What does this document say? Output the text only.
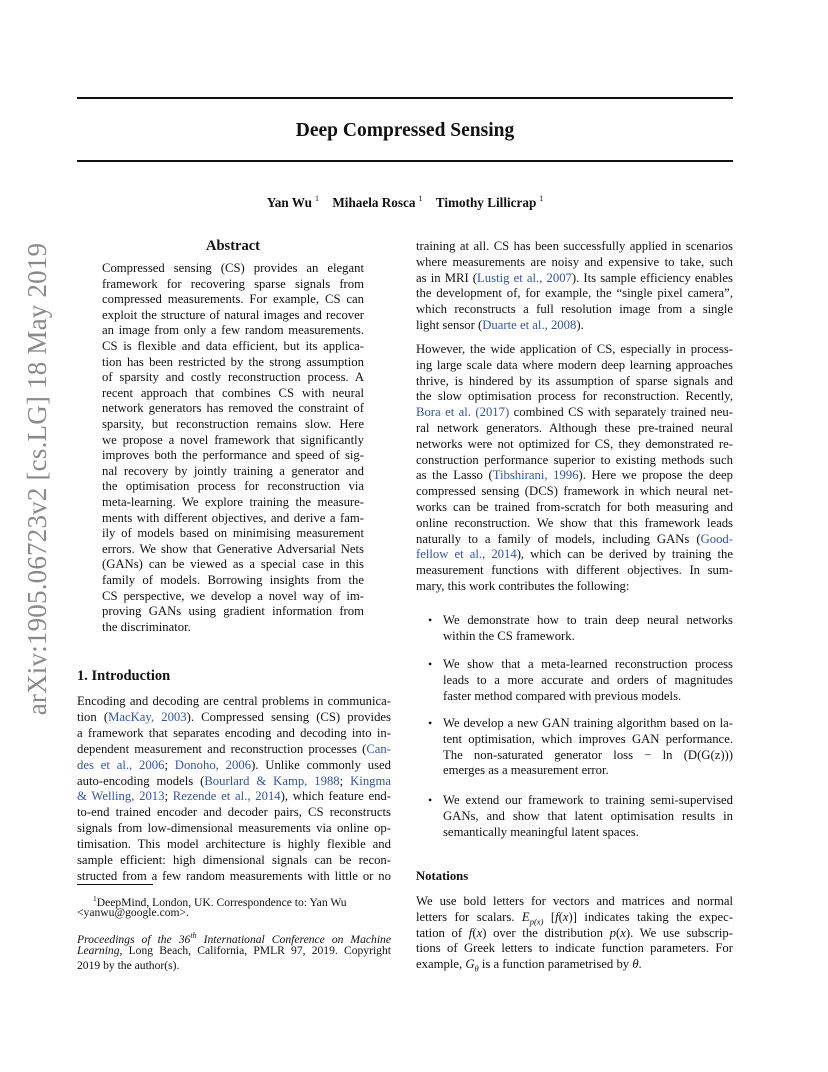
Deep Compressed Sensing
Yan Wu $^1$ Mihaela Rosca $^1$ Timothy Lillicrap $^1$
arXiv:1905.06723v2 [cs.LG] 18 May 2019	Abstract
Compressed sensing (CS) provides an elegant
framework for recovering sparse signals from
compressed measurements. For example, CS can
exploit the structure of natural images and recover
an image from only a few random measurements.
CS is flexible and data efficient, but its applica-
tion has been restricted by the strong assumption
of sparsity and costly reconstruction process. A
recent approach that combines CS with neural
network generators has removed the constraint of
sparsity, but reconstruction remains slow. Here
we propose a novel framework that significantly
improves both the performance and speed of sig-
nal recovery by jointly training a generator and
the optimisation process for reconstruction via
meta-learning. We explore training the measure-
ments with different objectives, and derive a fam-
ily of models based on minimising measurement
errors. We show that Generative Adversarial Nets
(GANs) can be viewed as a special case in this
family of models. Borrowing insights from the
CS perspective, we develop a novel way of im-
proving GANs using gradient information from
the discriminator.
1. Introduction
Encoding and decoding are central problems in communica-
tion (MacKay, 2003). Compressed sensing (CS) provides
a framework that separates encoding and decoding into in-
dependent measurement and reconstruction processes (Can-
des et al., 2006; Donoho, 2006). Unlike commonly used
auto-encoding models (Bourlard & Kamp, 1988; Kingma
& Welling, 2013; Rezende et al., 2014), which feature end-
to-end trained encoder and decoder pairs, CS reconstructs
signals from low-dimensional measurements via online op-
timisation. This model architecture is highly flexible and
sample efficient: high dimensional signals can be recon-
structed from a few random measurements with little or no
$^1$DeepMind, London, UK. Correspondence to: Yan Wu
<yanwu@google.com>.
Proceedings of the 36th International Conference on Machine
Learning, Long Beach, California, PMLR 97, 2019. Copyright
2019 by the author(s).
training at all. CS has been successfully applied in scenarios
where measurements are noisy and expensive to take, such
as in MRI (Lustig et al., 2007). Its sample efficiency enables
the development of, for example, the “single pixel camera”,
which reconstructs a full resolution image from a single
light sensor (Duarte et al., 2008).
However, the wide application of CS, especially in process-
ing large scale data where modern deep learning approaches
thrive, is hindered by its assumption of sparse signals and
the slow optimisation process for reconstruction. Recently,
Bora et al. (2017) combined CS with separately trained neu-
ral network generators. Although these pre-trained neural
networks were not optimized for CS, they demonstrated re-
construction performance superior to existing methods such
as the Lasso (Tibshirani, 1996). Here we propose the deep
compressed sensing (DCS) framework in which neural net-
works can be trained from-scratch for both measuring and
online reconstruction. We show that this framework leads
naturally to a family of models, including GANs (Good-
fellow et al., 2014), which can be derived by training the
measurement functions with different objectives. In sum-
mary, this work contributes the following:
• We demonstrate how to train deep neural networks
within the CS framework.
• We show that a meta-learned reconstruction process
leads to a more accurate and orders of magnitudes
faster method compared with previous models.
• We develop a new GAN training algorithm based on la-
tent optimisation, which improves GAN performance.
The non-saturated generator loss − ln (D(G(z)))
emerges as a measurement error.
• We extend our framework to training semi-supervised
GANs, and show that latent optimisation results in
semantically meaningful latent spaces.
We use bold letters for vectors and matrices and normal
letters for scalars. $E_{p(x)}$ [f(x)] indicates taking the expec-
tation of f(x) over the distribution p(x). We use subscrip-
tions of Greek letters to indicate function parameters. For
example, $G_\theta$ is a function parametrised by θ.
Notations
